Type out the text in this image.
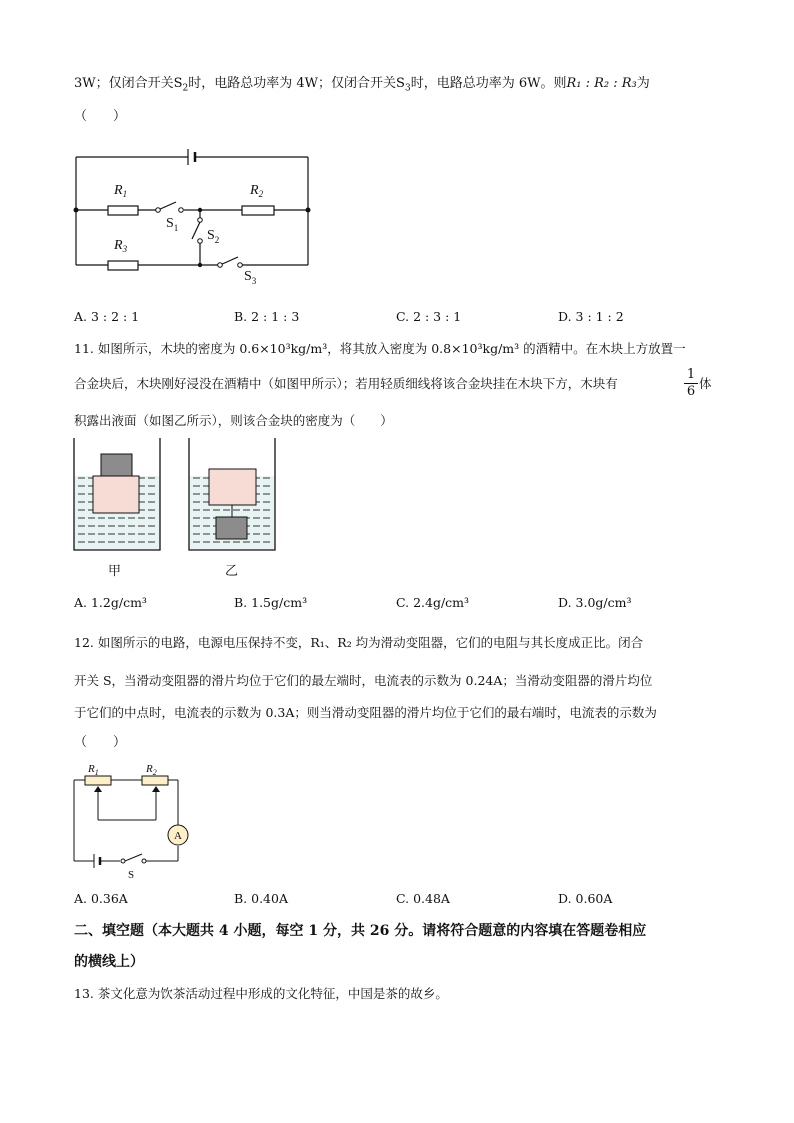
3W；仅闭合开关$S_2$时，电路总功率为 4W；仅闭合开关$S_3$时，电路总功率为 6W。则R₁ : R₂ : R₃为
（　　）
$R_1$	$R_2$
$R_3$
$S_1$ $S_2$
$S_3$
A. 3 : 2 : 1	B. 2 : 1 : 3	C. 2 : 3 : 1	D. 3 : 1 : 2
11. 如图所示，木块的密度为 0.6×10³kg/m³，将其放入密度为 0.8×10³kg/m³ 的酒精中。在木块上方放置一
合金块后，木块刚好浸没在酒精中（如图甲所示）；若用轻质细线将该合金块挂在木块下方，木块有
1
6
体
积露出液面（如图乙所示），则该合金块的密度为（　　）
甲	乙
A. 1.2g/cm³	B. 1.5g/cm³	C. 2.4g/cm³	D. 3.0g/cm³
12. 如图所示的电路，电源电压保持不变，R₁、R₂ 均为滑动变阻器，它们的电阻与其长度成正比。闭合
开关 S，当滑动变阻器的滑片均位于它们的最左端时，电流表的示数为 0.24A；当滑动变阻器的滑片均位
于它们的中点时，电流表的示数为 0.3A；则当滑动变阻器的滑片均位于它们的最右端时，电流表的示数为
（　　）
A
$R_1$	$R_2$
S
A. 0.36A	B. 0.40A	C. 0.48A	D. 0.60A
二、填空题（本大题共 4 小题，每空 1 分，共 26 分。请将符合题意的内容填在答题卷相应
的横线上）
13. 茶文化意为饮茶活动过程中形成的文化特征，中国是茶的故乡。
